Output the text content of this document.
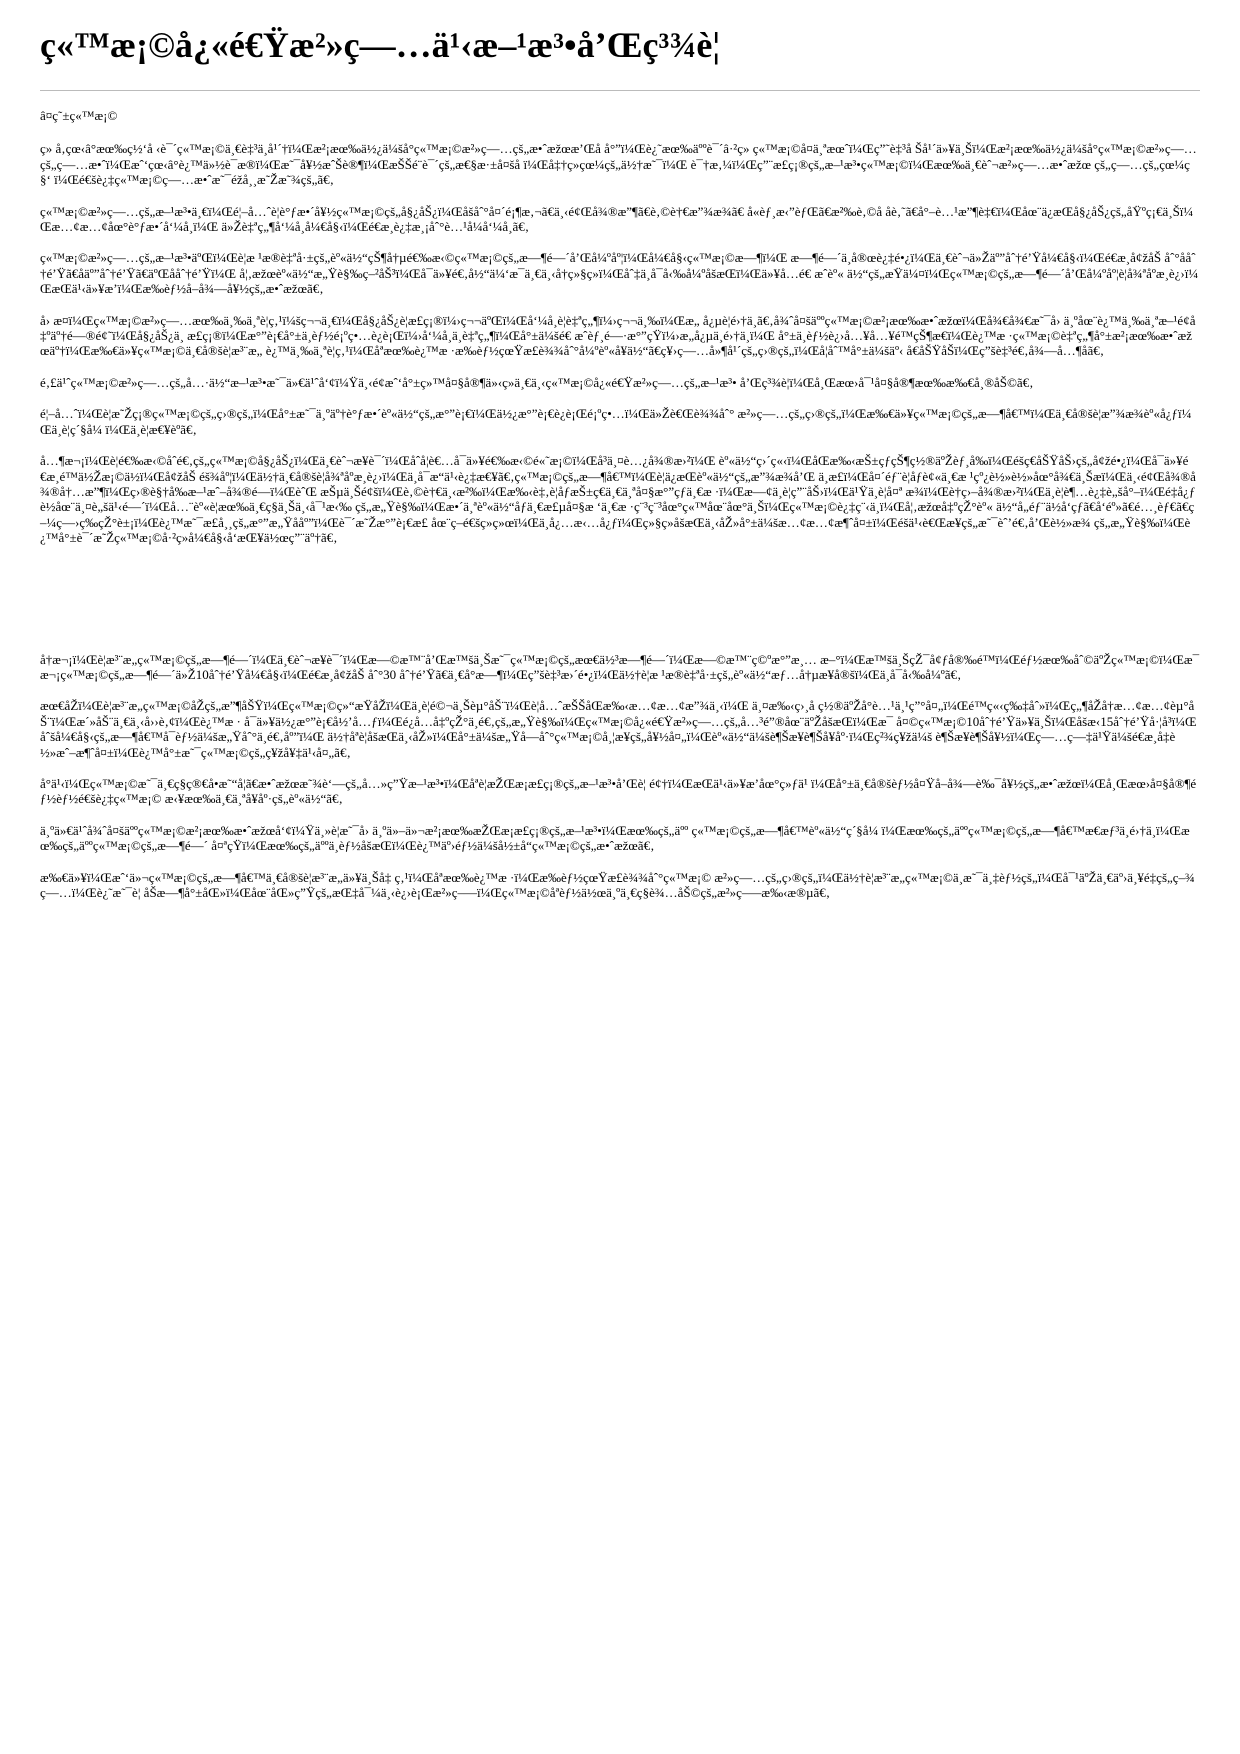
ç«™æ¡©å¿«é€Ÿæ²»ç—…ä¹‹æ–¹æ³•å’Œç³¾è¦

â¤ç˜±ç«™æ¡©

ç» å‚çœ‹â°æœ‰ç½‘å ‹è¯´ç«™æ¡©ä¸€è‡³ä¸å¹´†ï¼Œæ²¡æœ‰ä½¿ä¼šå°ç«™æ¡©æ²»ç—…çš„æ•ˆæžœæ’Œå å°”ï¼Œè¿˜æœ‰äººè¯´â·²ç» ç«™æ¡©å¤ä¸ªæœˆï¼Œç”˜è‡³å Šå¹´ä»¥ä¸Šï¼Œæ²¡æœ‰ä½¿ä¼šå°ç«™æ¡©æ²»ç—…çš„ç—…æ•ˆï¼Œæˆ‘çœ‹â°è¿™ä»½è¯æ®ï¼Œæ˜¯å¥½æˆŠè®¶ï¼ŒæŠŠé¨è¯´çš„æ€§æ·±å¤šå ï¼Œå‡†ç»çœ¼çš„ä½†æ˜¯ï¼Œ è¯†æ‚¼ï¼Œç”¨æ£ç¡®çš„æ–¹æ³•ç«™æ¡©ï¼Œæœ‰ä¸€èˆ¬æ²»ç—…æ•ˆæžœ çš„ç—…çš„çœ¼ç§‘ ï¼Œé€šè¿‡ç«™æ¡©ç—…æ•ˆæ˜¯éžå¸¸æ˜Žæ˜¾çš„ã€‚

ç«™æ¡©æ²»ç—…çš„æ–¹æ³•ä¸€ï¼Œé¦–å…ˆè¦è°ƒæ•´å¥½ç«™æ¡©çš„å§¿åŠ¿ï¼Œåšåˆ°å¤´é¡¶æ‚¬ã€ä¸‹é¢Œå¾®æ”¶ã€è‚©è†€æ”¾æ¾ã€ å«èƒ¸æ‹”èƒŒã€æ²‰è‚©å åè‚˜ã€å°–è…¹æ”¶è‡€ï¼Œåœ¨ä¿æŒå§¿åŠ¿çš„åŸºç¡€ä¸Šï¼Œæ…¢æ…¢åœ°è°ƒæ•´å‘¼å¸ï¼Œ ä»Žè‡ªç„¶å‘¼å¸å¼€å§‹ï¼Œé€æ¸è¿‡æ¸¡åˆ°è…¹å¼å‘¼å¸ã€‚

ç«™æ¡©æ²»ç—…çš„æ–¹æ³•äºŒï¼Œè¦æ ¹æ®è‡ªå·±çš„èº«ä½“çŠ¶å†µé€‰æ‹©ç«™æ¡©çš„æ—¶é—´å’Œå¼ºåº¦ï¼Œå¼€å§‹ç«™æ¡©æ—¶ï¼Œ æ—¶é—´ä¸å®œè¿‡é•¿ï¼Œä¸€èˆ¬ä»Žäº”åˆ†é’Ÿå¼€å§‹ï¼Œé€æ¸å¢žåŠ åˆ°ååˆ†é’Ÿã€åäº”åˆ†é’Ÿã€äºŒååˆ†é’Ÿï¼Œ å¦‚æžœèº«ä½“æ„Ÿè§‰ç–²åŠ³ï¼Œå¯ä»¥é€‚å½“ä¼‘æ¯ä¸€ä¸‹å†ç»§ç»ï¼Œåˆ‡ä¸å¯å‹‰å¼ºåšæŒï¼Œä»¥å…é€ æˆèº« ä½“çš„æŸä¼¤ï¼Œç«™æ¡©çš„æ—¶é—´å’Œå¼ºåº¦è¦å¾ªåºæ¸è¿›ï¼ŒæŒä¹‹ä»¥æ’ï¼Œæ‰èƒ½å–å¾—å¥½çš„æ•ˆæžœã€‚

å› æ¤ï¼Œç«™æ¡©æ²»ç—…æœ‰ä¸‰ä¸ªè¦ç‚¹ï¼šç¬¬ä¸€ï¼Œå§¿åŠ¿è¦æ£ç¡®ï¼›ç¬¬äºŒï¼Œå‘¼å¸è¦è‡ªç„¶ï¼›ç¬¬ä¸‰ï¼Œæ„ å¿µè¦é›†ä¸ã€‚å¾ˆå¤šäººç«™æ¡©æ²¡æœ‰æ•ˆæžœï¼Œå¾€å¾€æ˜¯å› ä¸ºåœ¨è¿™ä¸‰ä¸ªæ–¹é¢å‡ºäº†é—®é¢˜ï¼Œå§¿åŠ¿ä¸ æ£ç¡®ï¼Œæ°”è¡€å°±ä¸èƒ½é¡ºç•…è¿è¡Œï¼›å‘¼å¸ä¸è‡ªç„¶ï¼Œå°±ä¼šé€ æˆèƒ¸é—·æ°”çŸï¼›æ„å¿µä¸é›†ä¸ï¼Œ å°±ä¸èƒ½è¿›å…¥å…¥é™çŠ¶æ€ï¼Œè¿™æ ·ç«™æ¡©è‡ªç„¶å°±æ²¡æœ‰æ•ˆæžœäº†ï¼Œæ‰€ä»¥ç«™æ¡©ä¸€å®šè¦æ³¨æ„ è¿™ä¸‰ä¸ªè¦ç‚¹ï¼Œåªæœ‰è¿™æ ·æ‰èƒ½çœŸæ£è¾¾åˆ°å¼ºèº«å¥ä½“ã€ç¥›ç—…å»¶å¹´çš„ç›®çš„ï¼Œå¦åˆ™å°±ä¼šäº‹ å€åŠŸåŠï¼Œç”šè‡³é€‚å¾—å…¶åã€‚

é‚£ä¹ˆç«™æ¡©æ²»ç—…çš„å…·ä½“æ–¹æ³•æ˜¯ä»€ä¹ˆå‘¢ï¼Ÿä¸‹é¢æˆ‘å°±ç»™å¤§å®¶ä»‹ç»ä¸€ä¸‹ç«™æ¡©å¿«é€Ÿæ²»ç—…çš„æ–¹æ³• å’Œç³¾è¦ï¼Œå¸Œæœ›å¯¹å¤§å®¶æœ‰æ‰€å¸®åŠ©ã€‚

é¦–å…ˆï¼Œè¦æ˜Žç¡®ç«™æ¡©çš„ç›®çš„ï¼Œå°±æ˜¯ä¸ºäº†è°ƒæ•´èº«ä½“çš„æ°”è¡€ï¼Œä½¿æ°”è¡€è¿è¡Œé¡ºç•…ï¼Œä»Žè€Œè¾¾åˆ° æ²»ç—…çš„ç›®çš„ï¼Œæ‰€ä»¥ç«™æ¡©çš„æ—¶å€™ï¼Œä¸€å®šè¦æ”¾æ¾èº«å¿ƒï¼Œä¸è¦ç´§å¼ ï¼Œä¸è¦æ€¥èºã€‚

å…¶æ¬¡ï¼Œè¦é€‰æ‹©åˆé€‚çš„ç«™æ¡©å§¿åŠ¿ï¼Œä¸€èˆ¬æ¥è¯´ï¼Œåˆå¦è€…å¯ä»¥é€‰æ‹©é«˜æ¡©ï¼Œå³ä¸¤è…¿å¾®æ›²ï¼Œ èº«ä½“ç›´ç«‹ï¼ŒåŒæ‰‹æŠ±çƒçŠ¶ç½®äºŽèƒ¸å‰ï¼Œéšç€åŠŸåŠ›çš„å¢žé•¿ï¼Œå¯ä»¥é€æ¸é™ä½Žæ¡©ä½ï¼Œå¢žåŠ éš¾åº¦ï¼Œä½†ä¸€å®šè¦å¾ªåºæ¸è¿›ï¼Œä¸å¯æ“ä¹‹è¿‡æ€¥ã€‚ç«™æ¡©çš„æ—¶å€™ï¼Œè¦ä¿æŒèº«ä½“çš„æ”¾æ¾å’Œ ä¸æ£ï¼Œå¤´éƒ¨è¦åƒè¢«ä¸€æ ¹çº¿è½»è½»åœ°å¾€ä¸Šæï¼Œä¸‹é¢Œå¾®å¾®å†…æ”¶ï¼Œç›®è§†å‰æ–¹æˆ–å¾®é—ï¼ŒèˆŒ æŠµä¸Šé¢šï¼Œè‚©è†€ä¸‹æ²‰ï¼Œæ‰‹è‡‚è¦åƒæŠ±ç€ä¸€ä¸ªå¤§æ°”çƒä¸€æ ·ï¼Œæ—¢ä¸è¦ç”¨åŠ›ï¼Œä¹Ÿä¸è¦å¤ª æ¾ï¼Œè†ç›–å¾®æ›²ï¼Œä¸è¦è¶…è¿‡è„šå°–ï¼Œé‡å¿ƒè½åœ¨ä¸¤è„šä¹‹é—´ï¼Œå…¨èº«è¦æœ‰ä¸€ç§ä¸Šä¸‹å¯¹æ‹‰ çš„æ„Ÿè§‰ï¼Œæ•´ä¸ªèº«ä½“åƒä¸€æ£µå¤§æ ‘ä¸€æ ·ç¨³ç¨³åœ°ç«™åœ¨åœ°ä¸Šï¼Œç«™æ¡©è¿‡ç¨‹ä¸ï¼Œå¦‚æžœå‡ºçŽ°èº« ä½“å„éƒ¨ä½å‘çƒã€å‘éº»ã€é…¸èƒ€ã€ç–¼ç—›ç‰çŽ°è±¡ï¼Œè¿™æ˜¯æ£å¸¸çš„æ°”æ„Ÿååº”ï¼Œè¯´æ˜Žæ°”è¡€æ£ åœ¨ç–é€šç»ç»œï¼Œä¸å¿…æ‹…å¿ƒï¼Œç»§ç»åšæŒä¸‹åŽ»å°±ä¼šæ…¢æ…¢æ¶ˆå¤±ï¼Œéšä¹‹è€Œæ¥çš„æ˜¯èˆ’é€‚å’Œè½»æ¾ çš„æ„Ÿè§‰ï¼Œè¿™å°±è¯´æ˜Žç«™æ¡©å·²ç»å¼€å§‹å‘æŒ¥ä½œç”¨äº†ã€‚

å†æ¬¡ï¼Œè¦æ³¨æ„ç«™æ¡©çš„æ—¶é—´ï¼Œä¸€èˆ¬æ¥è¯´ï¼Œæ—©æ™¨å’Œæ™šä¸Šæ˜¯ç«™æ¡©çš„æœ€ä½³æ—¶é—´ï¼Œæ—©æ™¨ç©ºæ°”æ¸… æ–°ï¼Œæ™šä¸ŠçŽ¯å¢ƒå®‰é™ï¼Œéƒ½æœ‰åˆ©äºŽç«™æ¡©ï¼Œæ¯æ¬¡ç«™æ¡©çš„æ—¶é—´ä»Ž10åˆ†é’Ÿå¼€å§‹ï¼Œé€æ¸å¢žåŠ åˆ°30 åˆ†é’Ÿã€ä¸€å°æ—¶ï¼Œç”šè‡³æ›´é•¿ï¼Œä½†è¦æ ¹æ®è‡ªå·±çš„èº«ä½“æƒ…å†µæ¥å®šï¼Œä¸å¯å‹‰å¼ºã€‚

æœ€åŽï¼Œè¦æ³¨æ„ç«™æ¡©åŽçš„æ”¶åŠŸï¼Œç«™æ¡©ç»“æŸåŽï¼Œä¸è¦é©¬ä¸Šèµ°åŠ¨ï¼Œè¦å…ˆæŠŠåŒæ‰‹æ…¢æ…¢æ”¾ä¸‹ï¼Œ ä¸¤æ‰‹ç›¸å ç½®äºŽå°è…¹ä¸¹ç”°å¤„ï¼Œé™ç«‹ç‰‡åˆ»ï¼Œç„¶åŽå†æ…¢æ…¢èµ°åŠ¨ï¼Œæ´»åŠ¨ä¸€ä¸‹å››è‚¢ï¼Œè¿™æ · å¯ä»¥ä½¿æ°”è¡€å½’å…ƒï¼Œé¿å…å‡ºçŽ°ä¸é€‚çš„æ„Ÿè§‰ï¼Œç«™æ¡©å¿«é€Ÿæ²»ç—…çš„å…³é”®åœ¨äºŽåšæŒï¼Œæ¯ å¤©ç«™æ¡©10åˆ†é’Ÿä»¥ä¸Šï¼Œåšæ‹15åˆ†é’Ÿå·¦å³ï¼Œåˆšå¼€å§‹çš„æ—¶å€™å¯èƒ½ä¼šæ„Ÿåˆ°ä¸é€‚åº”ï¼Œ ä½†åªè¦åšæŒä¸‹åŽ»ï¼Œå°±ä¼šæ„Ÿå—åˆ°ç«™æ¡©å¸¦æ¥çš„å¥½å¤„ï¼Œèº«ä½“ä¼šè¶Šæ¥è¶Šå¥åº·ï¼Œç²¾ç¥žä¼š è¶Šæ¥è¶Šå¥½ï¼Œç—…ç—‡ä¹Ÿä¼šé€æ¸å‡è½»æˆ–æ¶ˆå¤±ï¼Œè¿™å°±æ˜¯ç«™æ¡©çš„ç¥žå¥‡ä¹‹å¤„ã€‚

å°ä¹‹ï¼Œç«™æ¡©æ˜¯ä¸€ç§ç®€å•æ˜“å¦ã€æ•ˆæžœæ˜¾è‘—çš„å…»ç”Ÿæ–¹æ³•ï¼Œåªè¦æŽŒæ¡æ£ç¡®çš„æ–¹æ³•å’Œè¦ é¢†ï¼ŒæŒä¹‹ä»¥æ’åœ°ç»ƒä¹ ï¼Œå°±ä¸€å®šèƒ½å¤Ÿå–å¾—è‰¯å¥½çš„æ•ˆæžœï¼Œå¸Œæœ›å¤§å®¶éƒ½èƒ½é€šè¿‡ç«™æ¡© æ‹¥æœ‰ä¸€ä¸ªå¥åº·çš„èº«ä½“ã€‚

ä¸ºä»€ä¹ˆå¾ˆå¤šäººç«™æ¡©æ²¡æœ‰æ•ˆæžœå‘¢ï¼Ÿä¸»è¦æ˜¯å› ä¸ºä»–ä»¬æ²¡æœ‰æŽŒæ¡æ£ç¡®çš„æ–¹æ³•ï¼Œæœ‰çš„äºº ç«™æ¡©çš„æ—¶å€™èº«ä½“ç´§å¼ ï¼Œæœ‰çš„äººç«™æ¡©çš„æ—¶å€™æ€æƒ³ä¸é›†ä¸ï¼Œæœ‰çš„äººç«™æ¡©çš„æ—¶é—´ å¤ªçŸï¼Œæœ‰çš„äººä¸èƒ½åšæŒï¼Œè¿™äº›éƒ½ä¼šå½±å“ç«™æ¡©çš„æ•ˆæžœã€‚

æ‰€ä»¥ï¼Œæˆ‘ä»¬ç«™æ¡©çš„æ—¶å€™ä¸€å®šè¦æ³¨æ„ä»¥ä¸Šå‡ ç‚¹ï¼Œåªæœ‰è¿™æ ·ï¼Œæ‰èƒ½çœŸæ£è¾¾åˆ°ç«™æ¡© æ²»ç—…çš„ç›®çš„ï¼Œä½†è¦æ³¨æ„ç«™æ¡©ä¸æ˜¯ä¸‡èƒ½çš„ï¼Œå¯¹äºŽä¸€äº›ä¸¥é‡çš„ç–¾ç—…ï¼Œè¿˜æ˜¯è¦ åŠæ—¶å°±åŒ»ï¼Œåœ¨åŒ»ç”Ÿçš„æŒ‡å¯¼ä¸‹è¿›è¡Œæ²»ç–—ï¼Œç«™æ¡©åªèƒ½ä½œä¸ºä¸€ç§è¾…åŠ©çš„æ²»ç–—æ‰‹æ®µã€‚
